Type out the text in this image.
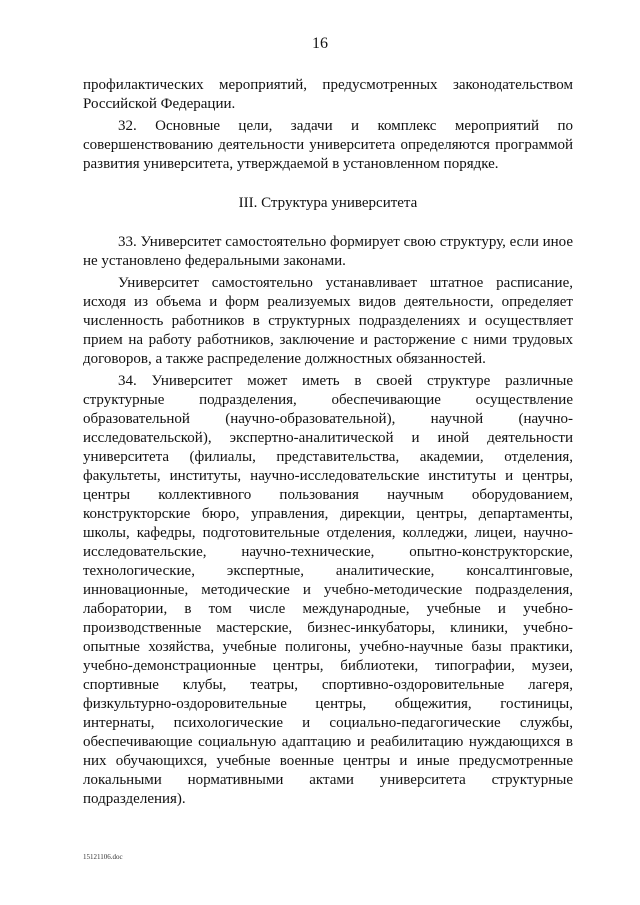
16

профилактических мероприятий, предусмотренных законодательством Российской Федерации.

32. Основные цели, задачи и комплекс мероприятий по совершенствованию деятельности университета определяются программой развития университета, утверждаемой в установленном порядке.

III. Структура университета

33. Университет самостоятельно формирует свою структуру, если иное не установлено федеральными законами.

Университет самостоятельно устанавливает штатное расписание, исходя из объема и форм реализуемых видов деятельности, определяет численность работников в структурных подразделениях и осуществляет прием на работу работников, заключение и расторжение с ними трудовых договоров, а также распределение должностных обязанностей.

34. Университет может иметь в своей структуре различные структурные подразделения, обеспечивающие осуществление образовательной (научно-образовательной), научной (научно-исследовательской), экспертно-аналитической и иной деятельности университета (филиалы, представительства, академии, отделения, факультеты, институты, научно-исследовательские институты и центры, центры коллективного пользования научным оборудованием, конструкторские бюро, управления, дирекции, центры, департаменты, школы, кафедры, подготовительные отделения, колледжи, лицеи, научно-исследовательские, научно-технические, опытно-конструкторские, технологические, экспертные, аналитические, консалтинговые, инновационные, методические и учебно-методические подразделения, лаборатории, в том числе международные, учебные и учебно-производственные мастерские, бизнес-инкубаторы, клиники, учебно-опытные хозяйства, учебные полигоны, учебно-научные базы практики, учебно-демонстрационные центры, библиотеки, типографии, музеи, спортивные клубы, театры, спортивно-оздоровительные лагеря, физкультурно-оздоровительные центры, общежития, гостиницы, интернаты, психологические и социально-педагогические службы, обеспечивающие социальную адаптацию и реабилитацию нуждающихся в них обучающихся, учебные военные центры и иные предусмотренные локальными нормативными актами университета структурные подразделения).

15121106.doc
